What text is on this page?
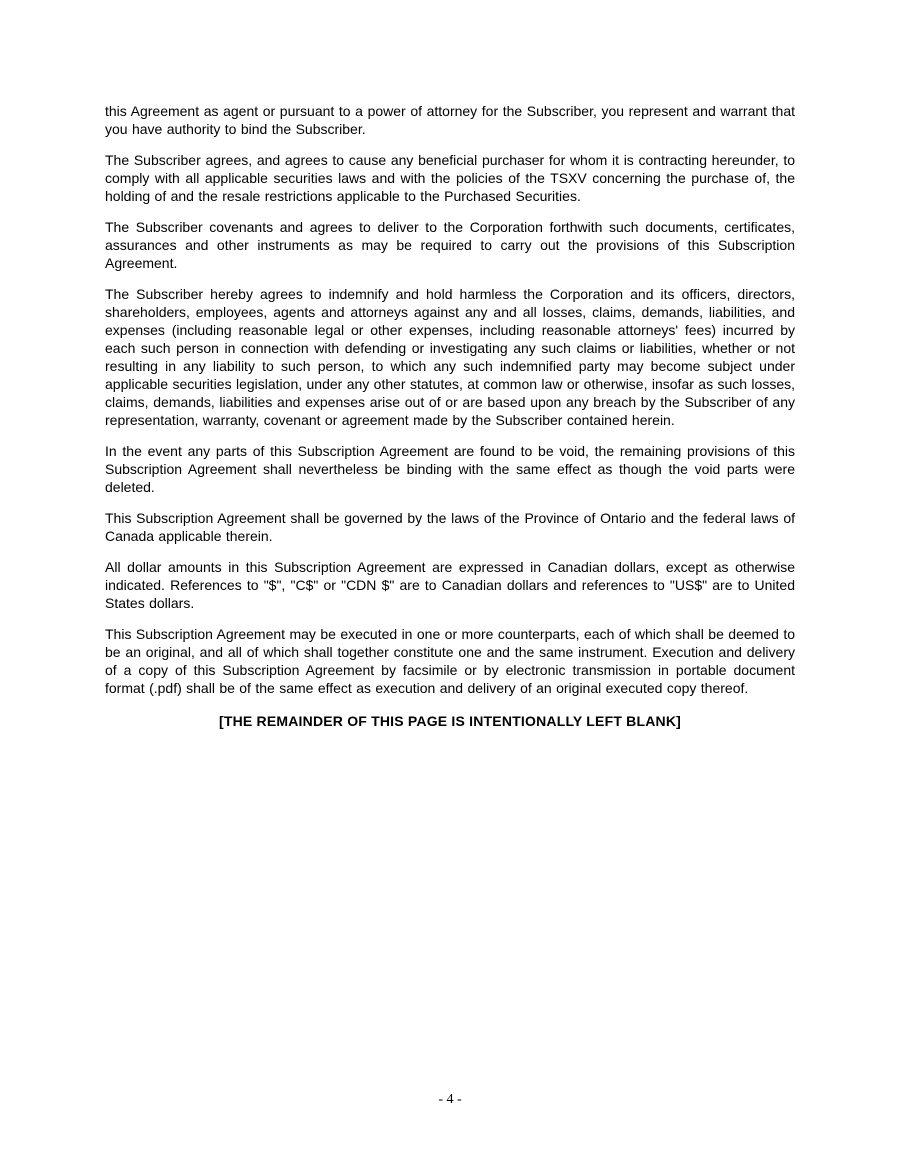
this Agreement as agent or pursuant to a power of attorney for the Subscriber, you represent and warrant that you have authority to bind the Subscriber.

The Subscriber agrees, and agrees to cause any beneficial purchaser for whom it is contracting hereunder, to comply with all applicable securities laws and with the policies of the TSXV concerning the purchase of, the holding of and the resale restrictions applicable to the Purchased Securities.

The Subscriber covenants and agrees to deliver to the Corporation forthwith such documents, certificates, assurances and other instruments as may be required to carry out the provisions of this Subscription Agreement.

The Subscriber hereby agrees to indemnify and hold harmless the Corporation and its officers, directors, shareholders, employees, agents and attorneys against any and all losses, claims, demands, liabilities, and expenses (including reasonable legal or other expenses, including reasonable attorneys' fees) incurred by each such person in connection with defending or investigating any such claims or liabilities, whether or not resulting in any liability to such person, to which any such indemnified party may become subject under applicable securities legislation, under any other statutes, at common law or otherwise, insofar as such losses, claims, demands, liabilities and expenses arise out of or are based upon any breach by the Subscriber of any representation, warranty, covenant or agreement made by the Subscriber contained herein.

In the event any parts of this Subscription Agreement are found to be void, the remaining provisions of this Subscription Agreement shall nevertheless be binding with the same effect as though the void parts were deleted.

This Subscription Agreement shall be governed by the laws of the Province of Ontario and the federal laws of Canada applicable therein.

All dollar amounts in this Subscription Agreement are expressed in Canadian dollars, except as otherwise indicated. References to "$", "C$" or "CDN $" are to Canadian dollars and references to "US$" are to United States dollars.

This Subscription Agreement may be executed in one or more counterparts, each of which shall be deemed to be an original, and all of which shall together constitute one and the same instrument. Execution and delivery of a copy of this Subscription Agreement by facsimile or by electronic transmission in portable document format (.pdf) shall be of the same effect as execution and delivery of an original executed copy thereof.

[THE REMAINDER OF THIS PAGE IS INTENTIONALLY LEFT BLANK]

- 4 -
